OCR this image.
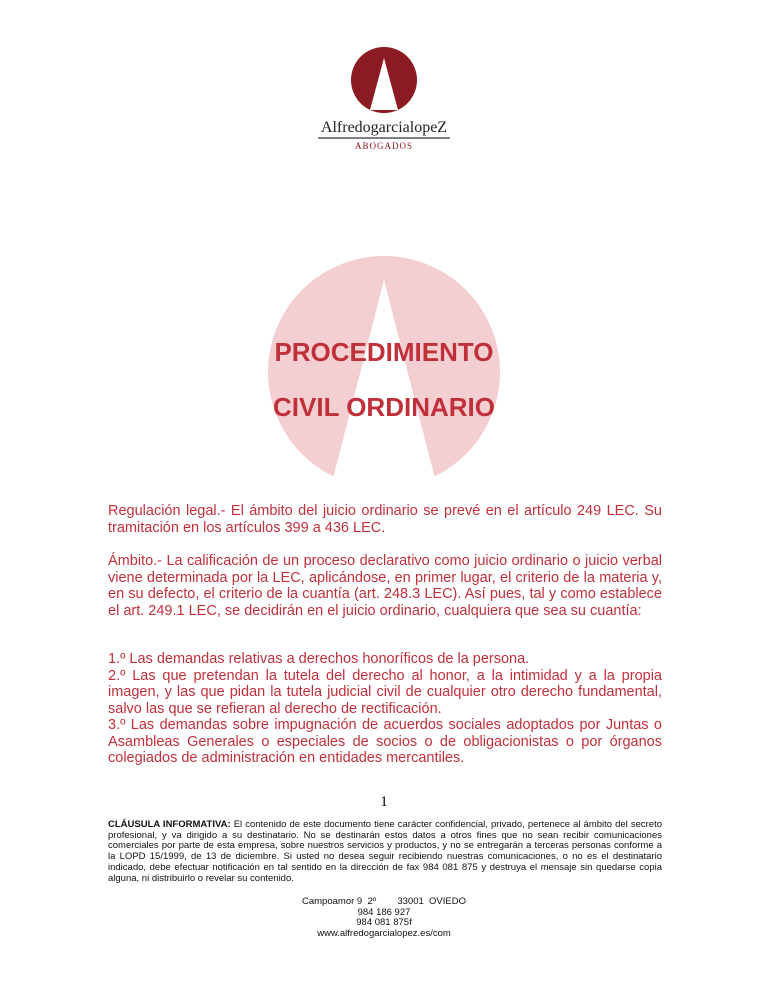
AlfredogarcialopeZ
ABOGADOS
PROCEDIMIENTO
CIVIL ORDINARIO

Regulación legal.- El ámbito del juicio ordinario se prevé en el artículo 249 LEC. Su tramitación en los artículos 399 a 436 LEC.

Ámbito.- La calificación de un proceso declarativo como juicio ordinario o juicio verbal viene determinada por la LEC, aplicándose, en primer lugar, el criterio de la materia y, en su defecto, el criterio de la cuantía (art. 248.3 LEC). Así pues, tal y como establece el art. 249.1 LEC, se decidirán en el juicio ordinario, cualquiera que sea su cuantía:

1.º Las demandas relativas a derechos honoríficos de la persona.

2.º Las que pretendan la tutela del derecho al honor, a la intimidad y a la propia imagen, y las que pidan la tutela judicial civil de cualquier otro derecho fundamental, salvo las que se refieran al derecho de rectificación.

3.º Las demandas sobre impugnación de acuerdos sociales adoptados por Juntas o Asambleas Generales o especiales de socios o de obligacionistas o por órganos colegiados de administración en entidades mercantiles.

1
CLÁUSULA INFORMATIVA: El contenido de este documento tiene carácter confidencial, privado, pertenece al ámbito del secreto profesional, y va dirigido a su destinatario. No se destinarán estos datos a otros fines que no sean recibir comunicaciones comerciales por parte de esta empresa, sobre nuestros servicios y productos, y no se entregarán a terceras personas conforme a la LOPD 15/1999, de 13 de diciembre. Si usted no desea seguir recibiendo nuestras comunicaciones, o no es el destinatario indicado, debe efectuar notificación en tal sentido en la dirección de fax 984 081 875 y destruya el mensaje sin quedarse copia alguna, ni distribuirlo o revelar su contenido.
Campoamor 9  2º        33001  OVIEDO
984 186 927
984 081 875f
www.alfredogarcialopez.es/com
